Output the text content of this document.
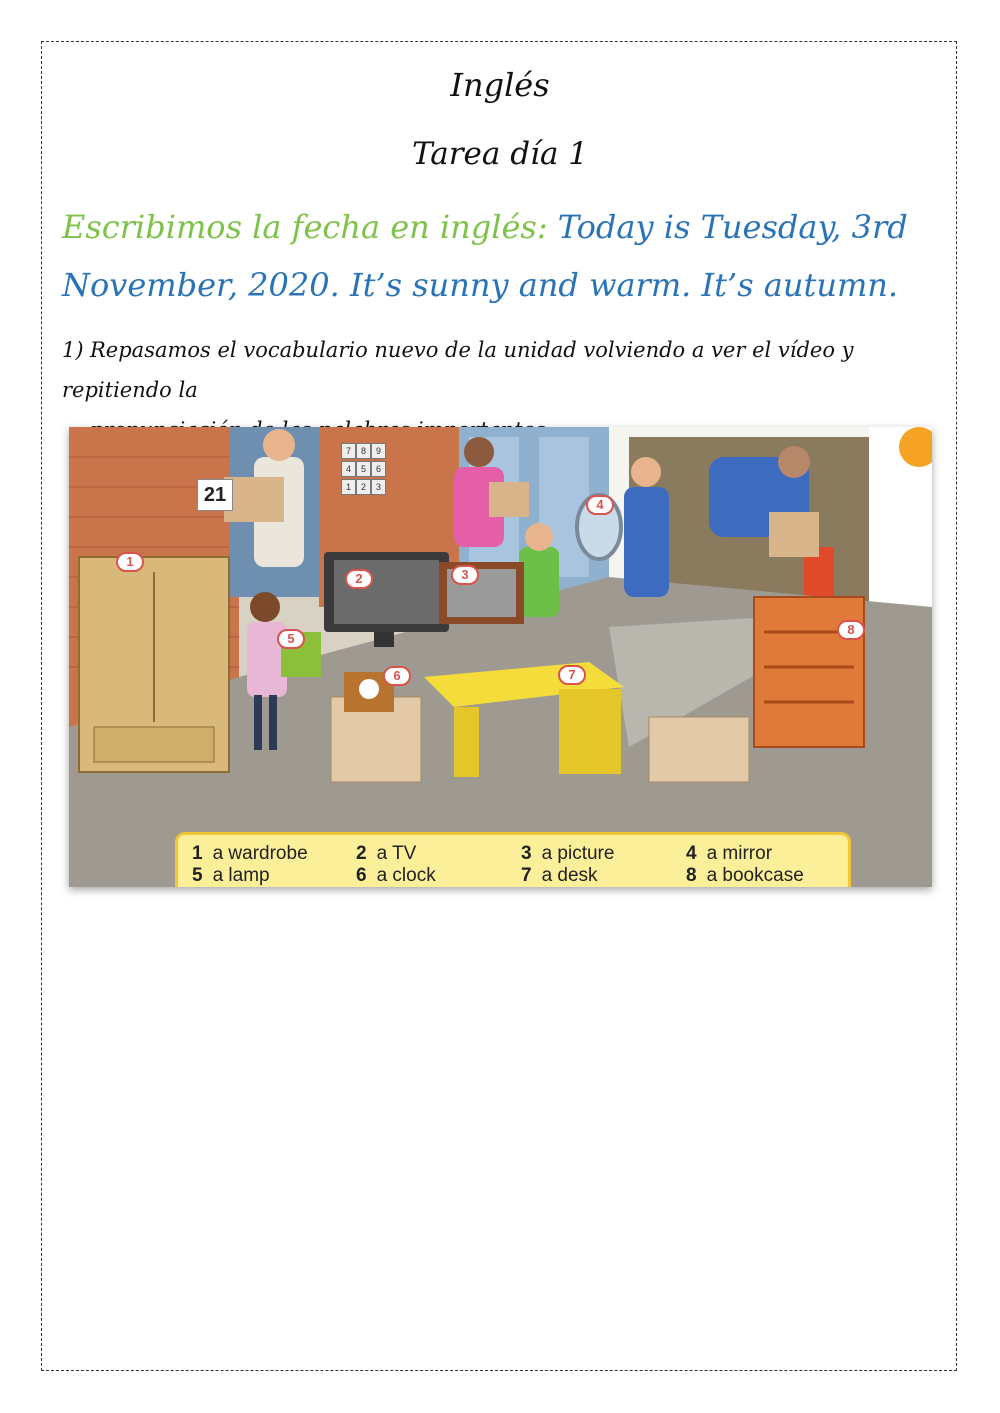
Inglés
Tarea día 1
Escribimos la fecha en inglés: Today is Tuesday, 3rd November, 2020. It’s sunny and warm. It’s autumn.
1) Repasamos el vocabulario nuevo de la unidad volviendo a ver el vídeo y repitiendo la
21
7	8	9
4	5	6
1	2	3
1
2	3
4
5
6	7
8
1 a wardrobe	2 a TV	3 a picture	4 a mirror
5 a lamp	6 a clock	7 a desk	8 a bookcase
